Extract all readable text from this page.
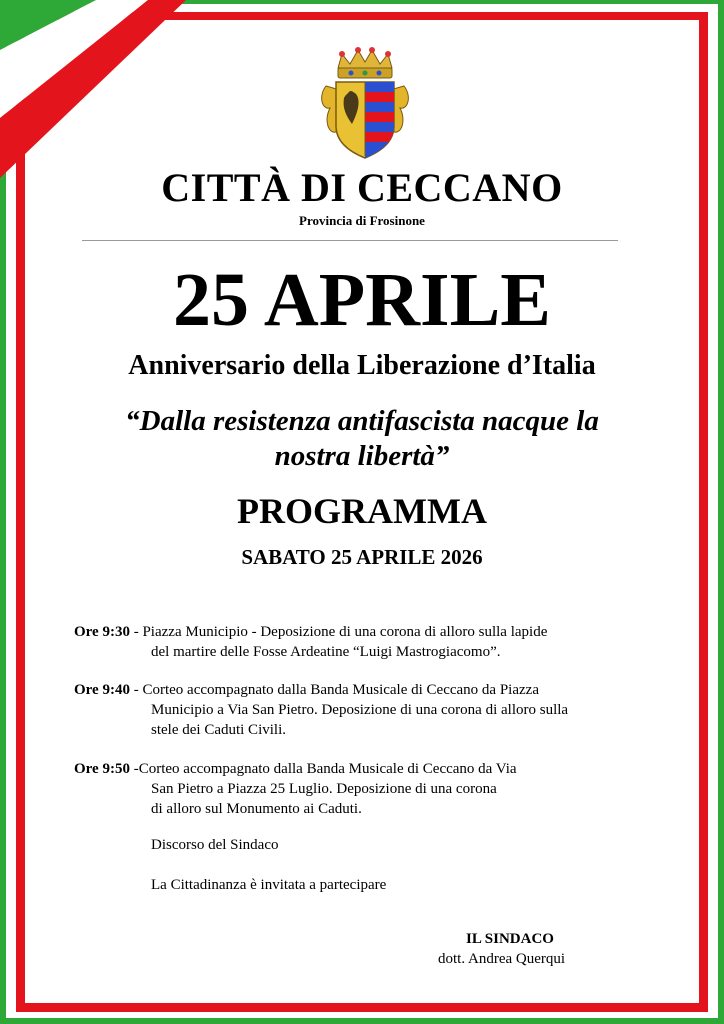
CITTÀ DI CECCANO
Provincia di Frosinone
25 APRILE
Anniversario della Liberazione d’Italia
“Dalla resistenza antifascista nacque la
nostra libertà”
PROGRAMMA
SABATO 25 APRILE 2026
Ore 9:30 - Piazza Municipio - Deposizione di una corona di alloro sulla lapide
del martire delle Fosse Ardeatine “Luigi Mastrogiacomo”.
Ore 9:40 - Corteo accompagnato dalla Banda Musicale di Ceccano da Piazza
Municipio a Via San Pietro. Deposizione di una corona di alloro sulla
stele dei Caduti Civili.
Ore 9:50 -Corteo accompagnato dalla Banda Musicale di Ceccano da Via
San Pietro a Piazza 25 Luglio. Deposizione di una corona
di alloro sul Monumento ai Caduti.
Discorso del Sindaco
La Cittadinanza è invitata a partecipare
IL SINDACO
dott. Andrea Querqui
